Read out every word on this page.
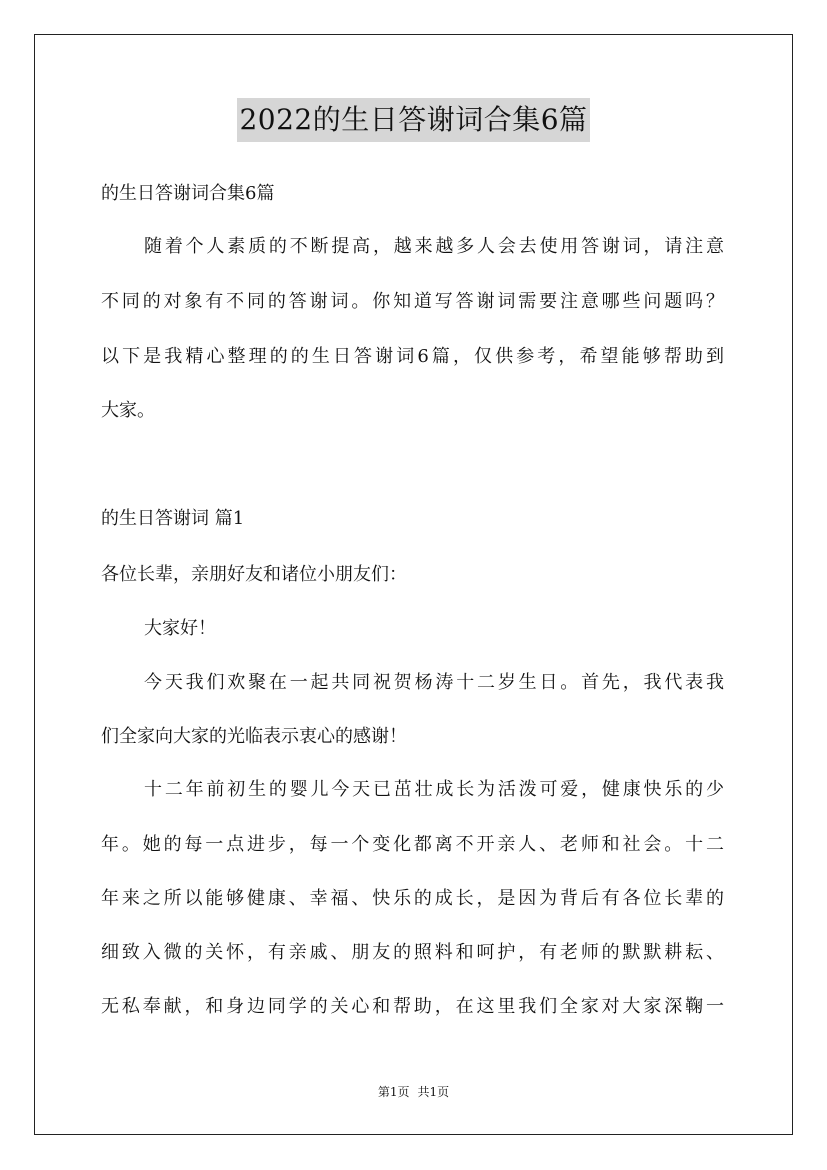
2022的生日答谢词合集6篇
的生日答谢词合集6篇
随着个人素质的不断提高，越来越多人会去使用答谢词，请注意
不同的对象有不同的答谢词。你知道写答谢词需要注意哪些问题吗？
以下是我精心整理的的生日答谢词6篇，仅供参考，希望能够帮助到
大家。
的生日答谢词 篇1
各位长辈，亲朋好友和诸位小朋友们：
大家好！
今天我们欢聚在一起共同祝贺杨涛十二岁生日。首先，我代表我
们全家向大家的光临表示衷心的感谢！
十二年前初生的婴儿今天已茁壮成长为活泼可爱，健康快乐的少
年。她的每一点进步，每一个变化都离不开亲人、老师和社会。十二
年来之所以能够健康、幸福、快乐的成长，是因为背后有各位长辈的
细致入微的关怀，有亲戚、朋友的照料和呵护，有老师的默默耕耘、
无私奉献，和身边同学的关心和帮助，在这里我们全家对大家深鞠一
第1页 共1页
